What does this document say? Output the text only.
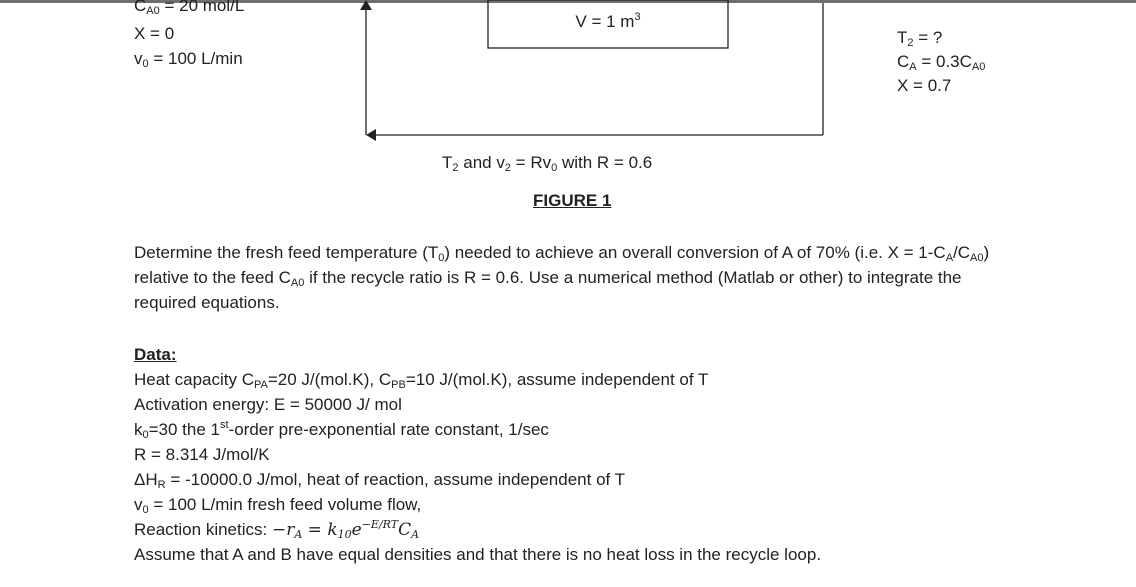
$C_{A0} = 20$ mol/L
X = 0
$v_0 = 100$ L/min
V = 1 $m^3$
$T_2$ = ?
$C_A = 0.3C_{A0}$
X = 0.7
$T_2$ and $v_2 = Rv_0$ with R = 0.6
FIGURE 1
Determine the fresh feed temperature $(T_0)$ needed to achieve an overall conversion of A of 70% (i.e. $X = 1-C_A/C_{A0}$) relative to the feed $C_{A0}$ if the recycle ratio is R = 0.6. Use a numerical method (Matlab or other) to integrate the required equations.
Data:
Heat capacity $C_{PA}=20$ J/(mol.K), $C_{PB}=10$ J/(mol.K), assume independent of T
Activation energy: E = 50000 J/ mol
$k_0=30$ the 1st-order pre-exponential rate constant, 1/sec
R = 8.314 J/mol/K
$\Delta H_R = -10000.0$ J/mol, heat of reaction, assume independent of T
$v_0 = 100$ L/min fresh feed volume flow,
Reaction kinetics: $-r_A = k_{10}e^{-E/RT}C_A$
Assume that A and B have equal densities and that there is no heat loss in the recycle loop.
